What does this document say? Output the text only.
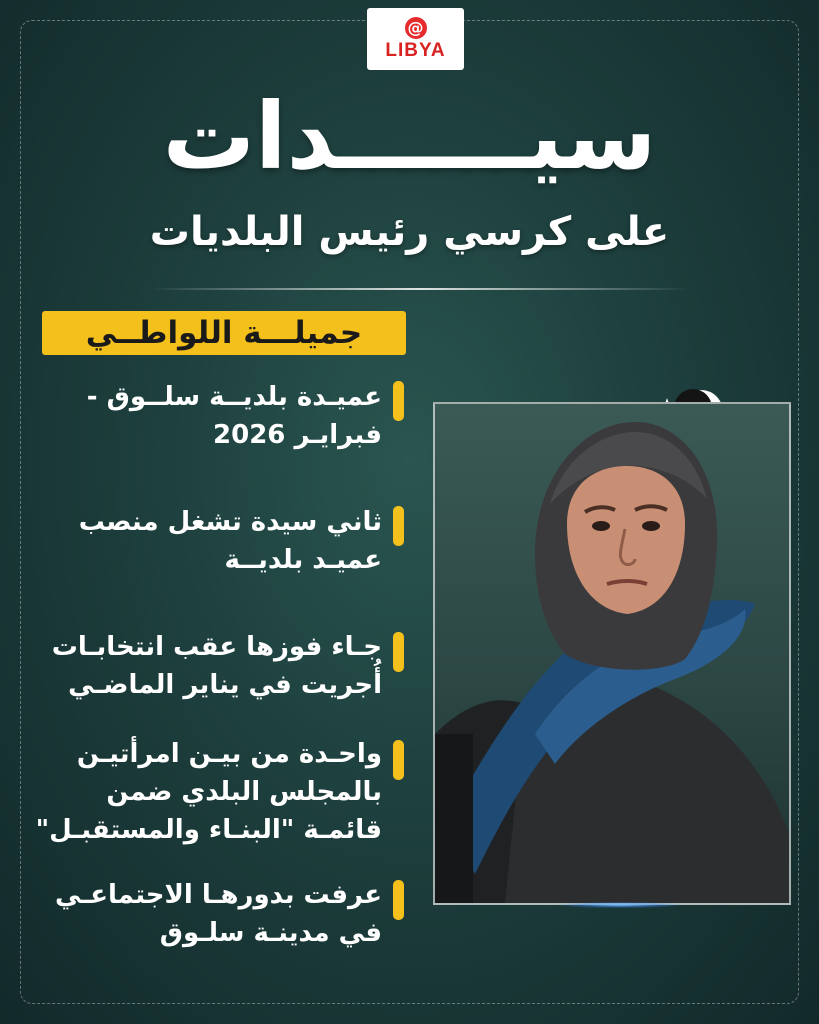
@
LIBYA
سيــــــدات
على كرسي رئيس البلديات
جميلـــة اللواطــي
عميـدة بلديــة سلــوق - فبرايـر 2026
ثاني سيدة تشغل منصب عميـد بلديــة
جـاء فوزها عقب انتخابـات أُجريت في يناير الماضـي
واحـدة من بيـن امرأتيـن بالمجلس البلدي ضمن قائمـة "البنـاء والمستقبـل"
عرفت بدورهـا الاجتماعـي في مدينـة سلـوق
